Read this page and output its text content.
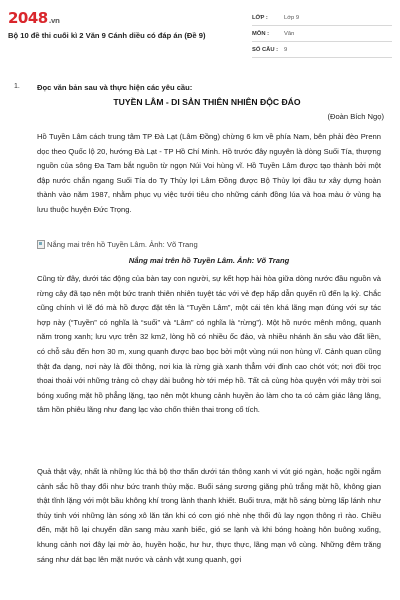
2048.vn
Bộ 10 đề thi cuối kì 2 Văn 9 Cánh diều có đáp án (Đề 9)
LỚP :	Lớp 9
MÔN :	Văn
SỐ CÂU :	9
1. Đọc văn bản sau và thực hiện các yêu cầu:
TUYỀN LÂM - DI SẢN THIÊN NHIÊN ĐỘC ĐÁO
(Đoàn Bích Ngọ)
Hồ Tuyền Lâm cách trung tâm TP Đà Lạt (Lâm Đồng) chừng 6 km về phía Nam, bên phải đèo Prenn dọc theo Quốc lộ 20, hướng Đà Lạt - TP Hồ Chí Minh. Hồ trước đây nguyên là dòng Suối Tía, thượng nguồn của sông Đa Tam bắt nguồn từ ngọn Núi Voi hùng vĩ. Hồ Tuyền Lâm được tạo thành bởi một đập nước chắn ngang Suối Tía do Ty Thủy lợi Lâm Đồng được Bộ Thủy lợi đầu tư xây dựng hoàn thành vào năm 1987, nhằm phục vụ việc tưới tiêu cho những cánh đồng lúa và hoa màu ở vùng hạ lưu thuộc huyện Đức Trọng.
Nắng mai trên hồ Tuyền Lâm. Ảnh: Võ Trang
Nắng mai trên hồ Tuyền Lâm. Ảnh: Võ Trang
Cũng từ đây, dưới tác động của bàn tay con người, sự kết hợp hài hòa giữa dòng nước đầu nguồn và rừng cây đã tạo nên một bức tranh thiên nhiên tuyệt tác với vẻ đẹp hấp dẫn quyến rũ đến lạ kỳ. Chắc cũng chính vì lẽ đó mà hồ được đặt tên là “Tuyền Lâm”, một cái tên khá lãng mạn đúng với sự tác hợp này (“Tuyền” có nghĩa là “suối” và “Lâm” có nghĩa là “rừng”). Một hồ nước mênh mông, quanh năm trong xanh; lưu vực trên 32 km2, lòng hồ có nhiều ốc đảo, và nhiều nhánh ăn sâu vào đất liền, có chỗ sâu đến hơn 30 m, xung quanh được bao bọc bởi một vùng núi non hùng vĩ. Cảnh quan cũng thật đa dạng, nơi này là đồi thông, nơi kia là rừng già xanh thẳm với đỉnh cao chót vót; nơi đồi trọc thoai thoải với những trảng cỏ chạy dài buông hờ tới mép hồ. Tất cả cùng hòa quyện với mây trời soi bóng xuống mặt hồ phẳng lặng, tạo nên một khung cảnh huyền ảo làm cho ta có cảm giác lâng lâng, tâm hồn phiêu lãng như đang lạc vào chốn thiên thai trong cổ tích.
Quả thật vậy, nhất là những lúc thả bộ thơ thẩn dưới tán thông xanh vi vút gió ngàn, hoặc ngồi ngắm cảnh sắc hồ thay đổi như bức tranh thủy mặc. Buổi sáng sương giăng phủ trắng mặt hồ, không gian thật tĩnh lặng với một bầu không khí trong lành thanh khiết. Buổi trưa, mặt hồ sáng bừng lấp lánh như thủy tinh với những làn sóng xô lăn tăn khi có cơn gió nhè nhẹ thổi đủ lay ngọn thông rì rào. Chiều đến, mặt hồ lại chuyển dần sang màu xanh biếc, gió se lạnh và khi bóng hoàng hôn buông xuống, khung cảnh nơi đây lại mờ ảo, huyền hoặc, hư hư, thực thực, lãng mạn vô cùng. Những đêm trăng sáng như dát bạc lên mặt nước và cảnh vật xung quanh, gợi
